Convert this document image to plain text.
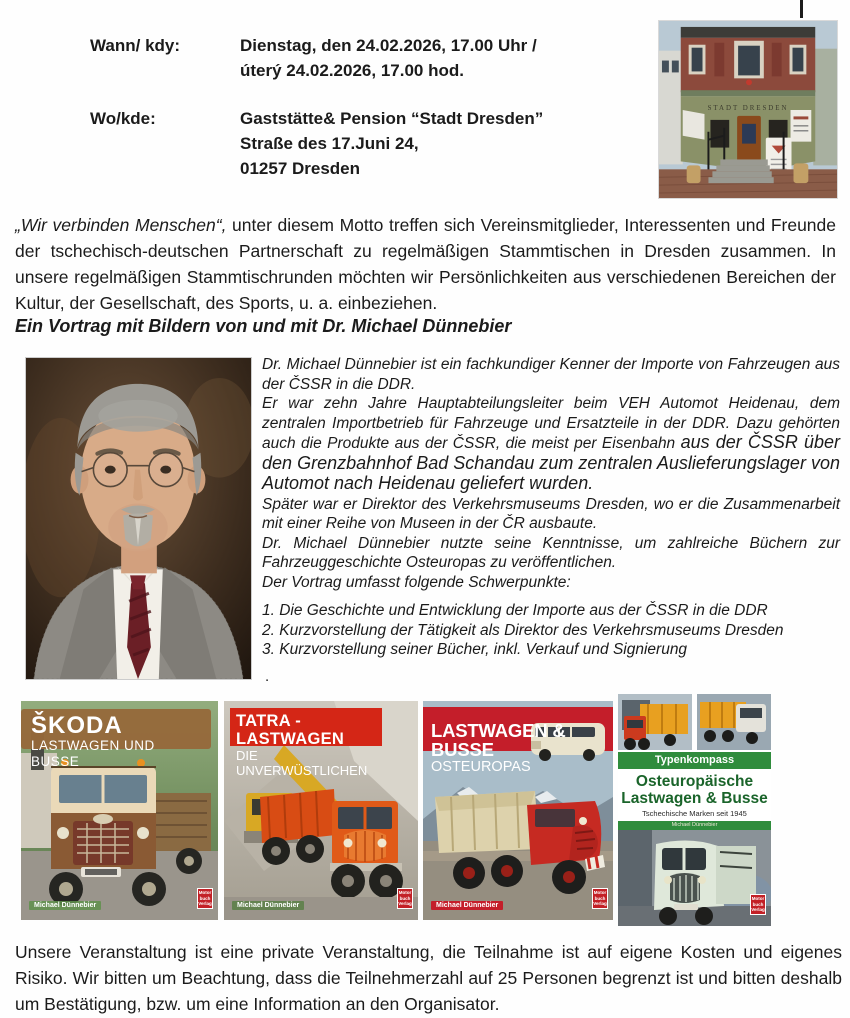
Wann/ kdy:	Dienstag, den 24.02.2026, 17.00 Uhr /
úterý 24.02.2026, 17.00 hod.
Wo/kde:	Gaststätte& Pension “Stadt Dresden”
Straße des 17.Juni 24,
01257 Dresden
STADT DRESDEN

„Wir verbinden Menschen“, unter diesem Motto treffen sich Vereinsmitglieder, Interessenten und Freunde der tschechisch-deutschen Partnerschaft zu regelmäßigen Stammtischen in Dresden zusammen. In unsere regelmäßigen Stammtischrunden möchten wir Persönlichkeiten aus verschiedenen Bereichen der Kultur, der Gesellschaft, des Sports, u. a. einbeziehen.

Ein Vortrag mit Bildern von und mit Dr. Michael Dünnebier
Dr. Michael Dünnebier ist ein fachkundiger Kenner der Importe von Fahrzeugen aus der ČSSR in die DDR.
Er war zehn Jahre Hauptabteilungsleiter beim VEH Automot Heidenau, dem zentralen Importbetrieb für Fahrzeuge und Ersatzteile in der DDR. Dazu gehörten auch die Produkte aus der ČSSR, die meist per Eisenbahn aus der ČSSR über den Grenzbahnhof Bad Schandau zum zentralen Auslieferungslager von Automot nach Heidenau geliefert wurden.
Später war er Direktor des Verkehrsmuseums Dresden, wo er die Zusammenarbeit mit einer Reihe von Museen in der ČR ausbaute.
Dr. Michael Dünnebier nutzte seine Kenntnisse, um zahlreiche Büchern zur Fahrzeuggeschichte Osteuropas zu veröffentlichen.
Der Vortrag umfasst folgende Schwerpunkte:
1. Die Geschichte und Entwicklung der Importe aus der ČSSR in die DDR
2. Kurzvorstellung der Tätigkeit als Direktor des Verkehrsmuseums Dresden
3. Kurzvorstellung seiner Bücher, inkl. Verkauf und Signierung
.
ŠKODA
LASTWAGEN UND BUSSE
Michael Dünnebier
Motor
buch
Verlag
TATRA - LASTWAGEN
DIE UNVERWÜSTLICHEN
Michael Dünnebier
Motor
buch
Verlag
LASTWAGEN & BUSSE
OSTEUROPAS
Michael Dünnebier
Motor
buch
Verlag
Typenkompass
Osteuropäische
Lastwagen & Busse
Tschechische Marken seit 1945
Michael Dünnebier
Motor
buch
Verlag

Unsere Veranstaltung ist eine private Veranstaltung, die Teilnahme ist auf eigene Kosten und eigenes Risiko. Wir bitten um Beachtung, dass die Teilnehmerzahl auf 25 Personen begrenzt ist und bitten deshalb um Bestätigung, bzw. um eine Information an den Organisator.
